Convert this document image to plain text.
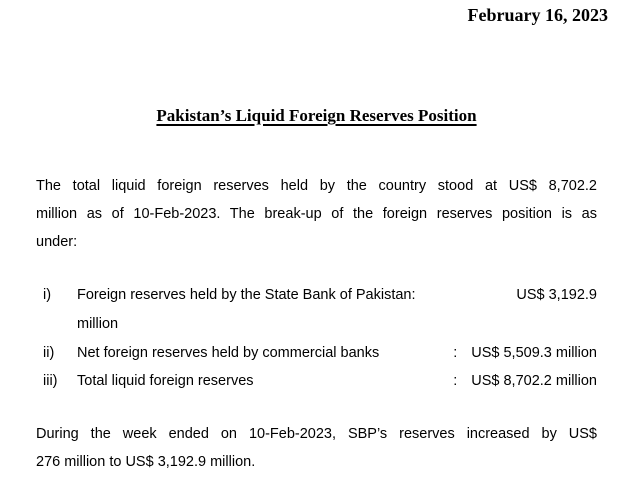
February 16, 2023
Pakistan’s Liquid Foreign Reserves Position
The total liquid foreign reserves held by the country stood at US$ 8,702.2
million as of 10-Feb-2023. The break-up of the foreign reserves position is as
under:
i)	Foreign reserves held by the State Bank of Pakistan:	US$ 3,192.9
million
ii)	Net foreign reserves held by commercial banks	: US$ 5,509.3 million
iii)	Total liquid foreign reserves	: US$ 8,702.2 million
During the week ended on 10-Feb-2023, SBP’s reserves increased by US$
276 million to US$ 3,192.9 million.
